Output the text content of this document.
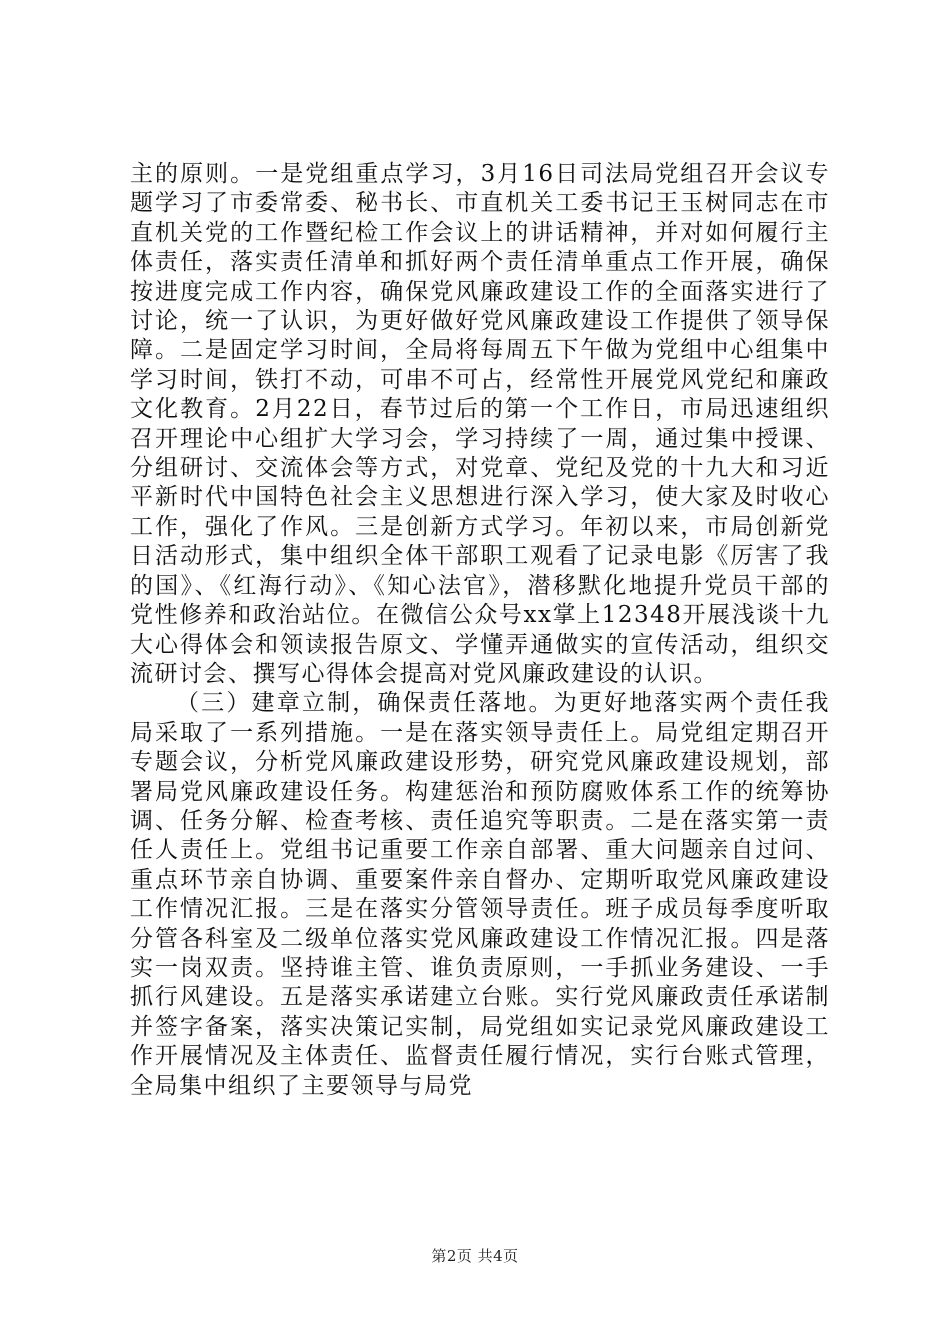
主的原则。一是党组重点学习，3月16日司法局党组召开会议专题学习了市委常委、秘书长、市直机关工委书记王玉树同志在市直机关党的工作暨纪检工作会议上的讲话精神，并对如何履行主体责任，落实责任清单和抓好两个责任清单重点工作开展，确保按进度完成工作内容，确保党风廉政建设工作的全面落实进行了讨论，统一了认识，为更好做好党风廉政建设工作提供了领导保障。二是固定学习时间，全局将每周五下午做为党组中心组集中学习时间，铁打不动，可串不可占，经常性开展党风党纪和廉政文化教育。2月22日，春节过后的第一个工作日，市局迅速组织召开理论中心组扩大学习会，学习持续了一周，通过集中授课、分组研讨、交流体会等方式，对党章、党纪及党的十九大和习近平新时代中国特色社会主义思想进行深入学习，使大家及时收心工作，强化了作风。三是创新方式学习。年初以来，市局创新党日活动形式，集中组织全体干部职工观看了记录电影《厉害了我的国》、《红海行动》、《知心法官》，潜移默化地提升党员干部的党性修养和政治站位。在微信公众号xx掌上12348开展浅谈十九大心得体会和领读报告原文、学懂弄通做实的宣传活动，组织交流研讨会、撰写心得体会提高对党风廉政建设的认识。

（三）建章立制，确保责任落地。为更好地落实两个责任我局采取了一系列措施。一是在落实领导责任上。局党组定期召开专题会议，分析党风廉政建设形势，研究党风廉政建设规划，部署局党风廉政建设任务。构建惩治和预防腐败体系工作的统筹协调、任务分解、检查考核、责任追究等职责。二是在落实第一责任人责任上。党组书记重要工作亲自部署、重大问题亲自过问、重点环节亲自协调、重要案件亲自督办、定期听取党风廉政建设工作情况汇报。三是在落实分管领导责任。班子成员每季度听取分管各科室及二级单位落实党风廉政建设工作情况汇报。四是落实一岗双责。坚持谁主管、谁负责原则，一手抓业务建设、一手抓行风建设。五是落实承诺建立台账。实行党风廉政责任承诺制并签字备案，落实决策记实制，局党组如实记录党风廉政建设工作开展情况及主体责任、监督责任履行情况，实行台账式管理，全局集中组织了主要领导与局党

第2页 共4页
